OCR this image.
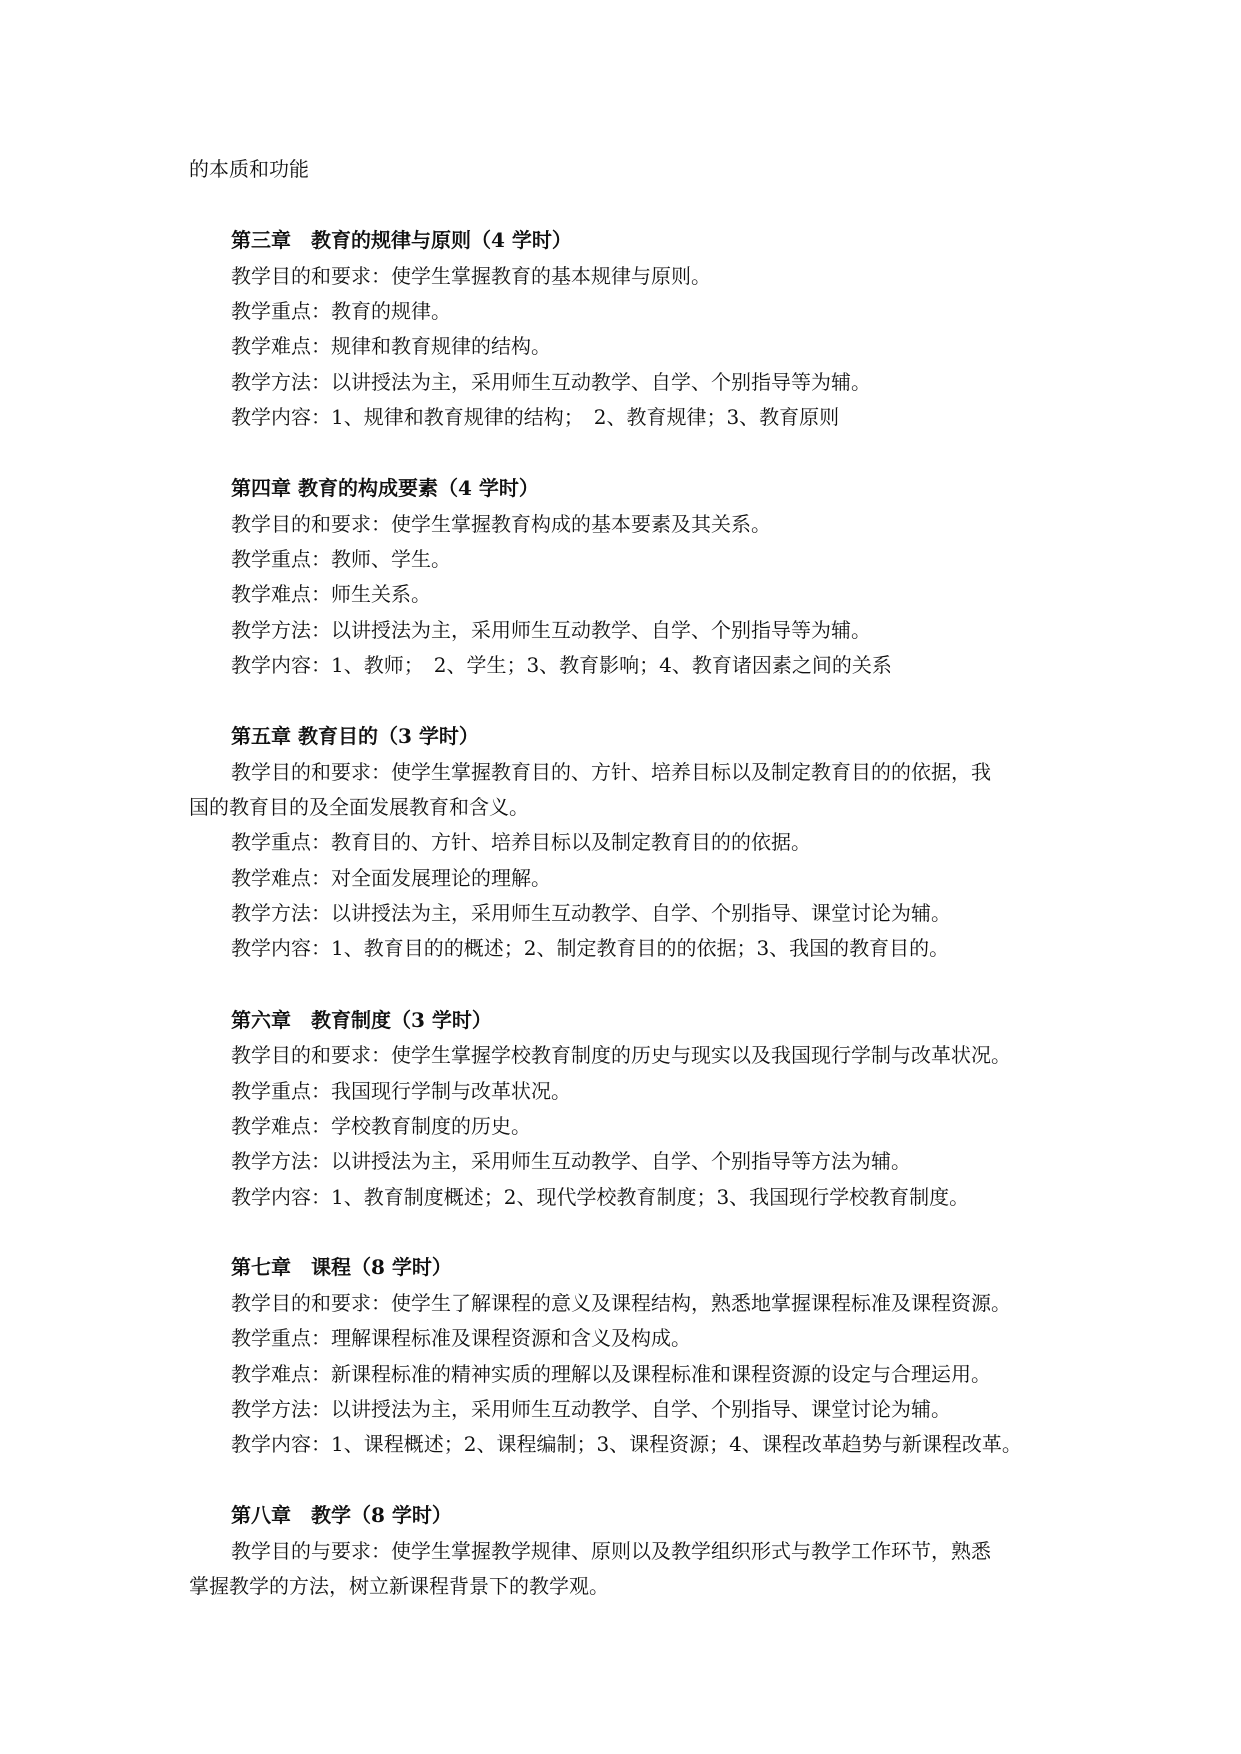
的本质和功能
第三章　教育的规律与原则（4 学时）
教学目的和要求：使学生掌握教育的基本规律与原则。
教学重点：教育的规律。
教学难点：规律和教育规律的结构。
教学方法：以讲授法为主，采用师生互动教学、自学、个别指导等为辅。
教学内容：1、规律和教育规律的结构；　2、教育规律；3、教育原则
第四章 教育的构成要素（4 学时）
教学目的和要求：使学生掌握教育构成的基本要素及其关系。
教学重点：教师、学生。
教学难点：师生关系。
教学方法：以讲授法为主，采用师生互动教学、自学、个别指导等为辅。
教学内容：1、教师；　2、学生；3、教育影响；4、教育诸因素之间的关系
第五章 教育目的（3 学时）
教学目的和要求：使学生掌握教育目的、方针、培养目标以及制定教育目的的依据，我
国的教育目的及全面发展教育和含义。
教学重点：教育目的、方针、培养目标以及制定教育目的的依据。
教学难点：对全面发展理论的理解。
教学方法：以讲授法为主，采用师生互动教学、自学、个别指导、课堂讨论为辅。
教学内容：1、教育目的的概述；2、制定教育目的的依据；3、我国的教育目的。
第六章　教育制度（3 学时）
教学目的和要求：使学生掌握学校教育制度的历史与现实以及我国现行学制与改革状况。
教学重点：我国现行学制与改革状况。
教学难点：学校教育制度的历史。
教学方法：以讲授法为主，采用师生互动教学、自学、个别指导等方法为辅。
教学内容：1、教育制度概述；2、现代学校教育制度；3、我国现行学校教育制度。
第七章　课程（8 学时）
教学目的和要求：使学生了解课程的意义及课程结构，熟悉地掌握课程标准及课程资源。
教学重点：理解课程标准及课程资源和含义及构成。
教学难点：新课程标准的精神实质的理解以及课程标准和课程资源的设定与合理运用。
教学方法：以讲授法为主，采用师生互动教学、自学、个别指导、课堂讨论为辅。
教学内容：1、课程概述；2、课程编制；3、课程资源；4、课程改革趋势与新课程改革。
第八章　教学（8 学时）
教学目的与要求：使学生掌握教学规律、原则以及教学组织形式与教学工作环节，熟悉
掌握教学的方法，树立新课程背景下的教学观。
